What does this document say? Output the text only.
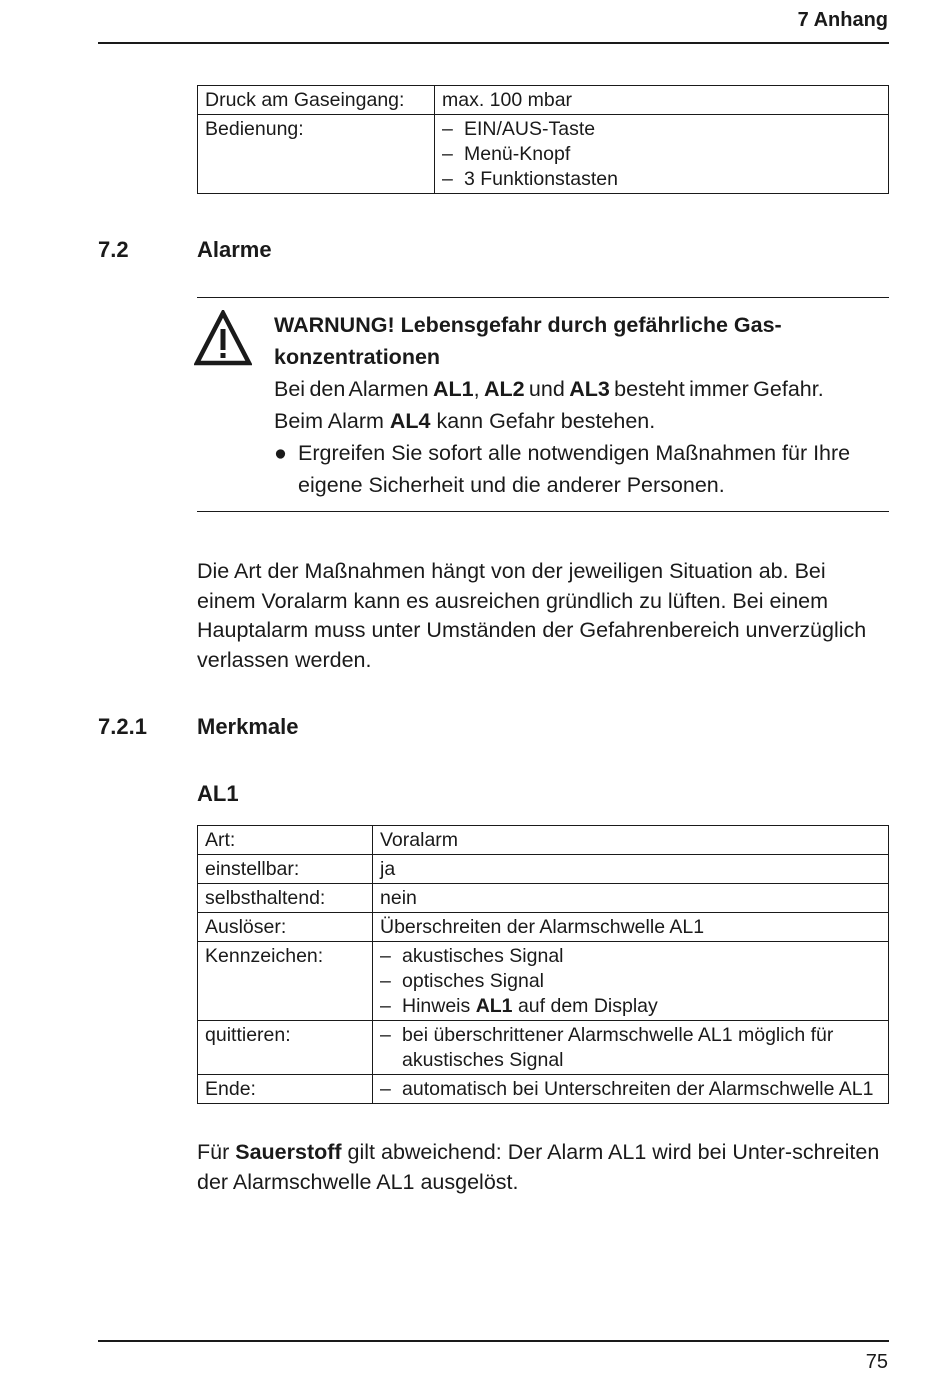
7 Anhang
Druck am Gaseingang:	max. 100 mbar
Bedienung:	– EIN/AUS-Taste
– Menü-Knopf
– 3 Funktionstasten
7.2	Alarme
WARNUNG! Lebensgefahr durch gefährliche Gas-konzentrationen
Bei den Alarmen AL1, AL2 und AL3 besteht immer Gefahr.
Beim Alarm AL4 kann Gefahr bestehen.
● Ergreifen Sie sofort alle notwendigen Maßnahmen für Ihre eigene Sicherheit und die anderer Personen.
Die Art der Maßnahmen hängt von der jeweiligen Situation ab. Bei einem Voralarm kann es ausreichen gründlich zu lüften. Bei einem Hauptalarm muss unter Umständen der Gefahrenbereich unverzüglich verlassen werden.
7.2.1 Merkmale
AL1
Art:	Voralarm
einstellbar:	ja
selbsthaltend:	nein
Auslöser:	Überschreiten der Alarmschwelle AL1
Kennzeichen:	– akustisches Signal
– optisches Signal
– Hinweis AL1 auf dem Display

quittieren:	– bei überschrittener Alarmschwelle AL1 möglich für akustisches Signal

Ende:	– automatisch bei Unterschreiten der Alarmschwelle AL1
Für Sauerstoff gilt abweichend: Der Alarm AL1 wird bei Unter-schreiten der Alarmschwelle AL1 ausgelöst.
75
